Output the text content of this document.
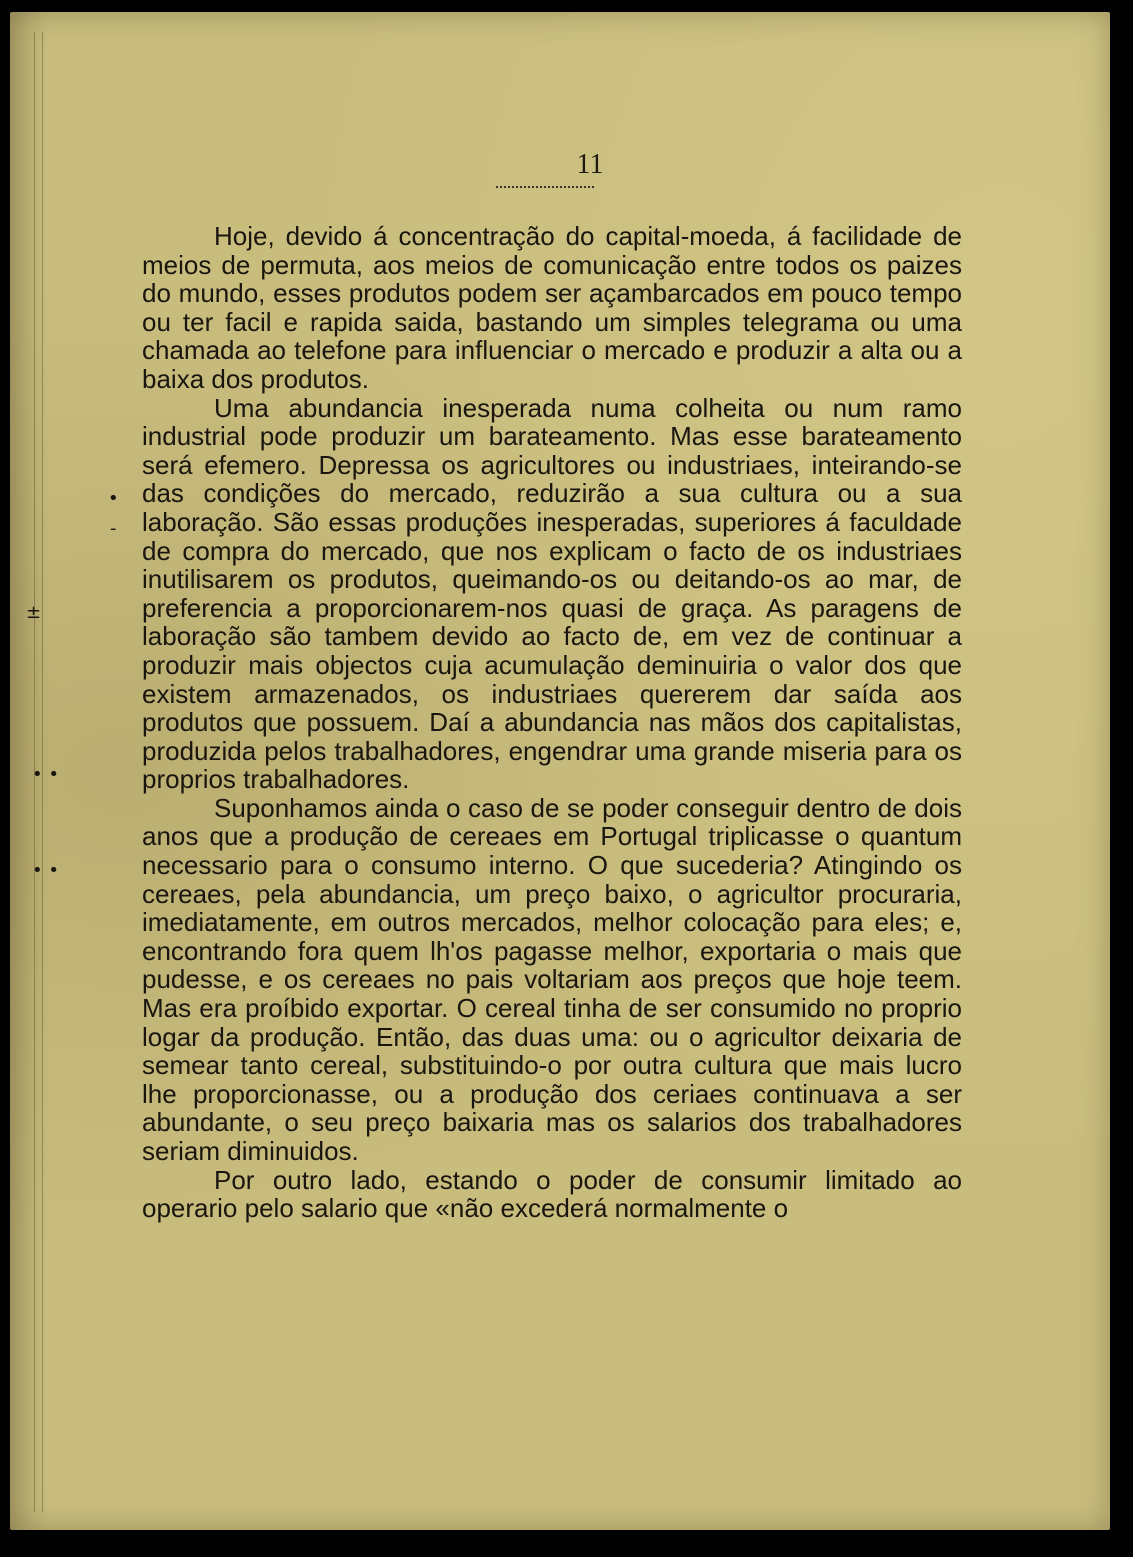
11
•
-
±
• •
• •

Hoje, devido á concentração do capital-moeda, á facilidade de meios de permuta, aos meios de comunicação entre todos os paizes do mundo, esses produtos podem ser açambarcados em pouco tempo ou ter facil e rapida saida, bastando um simples telegrama ou uma chamada ao telefone para influenciar o mercado e produzir a alta ou a baixa dos produtos.

Uma abundancia inesperada numa colheita ou num ramo industrial pode produzir um barateamento. Mas esse barateamento será efemero. Depressa os agricultores ou industriaes, inteirando-se das condições do mercado, reduzirão a sua cultura ou a sua laboração. São essas produções inesperadas, superiores á faculdade de compra do mercado, que nos explicam o facto de os industriaes inutilisarem os produtos, queimando-os ou deitando-os ao mar, de preferencia a proporcionarem-nos quasi de graça. As paragens de laboração são tambem devido ao facto de, em vez de continuar a produzir mais objectos cuja acumulação deminuiria o valor dos que existem armazenados, os industriaes quererem dar saída aos produtos que possuem. Daí a abundancia nas mãos dos capitalistas, produzida pelos trabalhadores, engendrar uma grande miseria para os proprios trabalhadores.

Suponhamos ainda o caso de se poder conseguir dentro de dois anos que a produção de cereaes em Portugal triplicasse o quantum necessario para o consumo interno. O que sucederia? Atingindo os cereaes, pela abundancia, um preço baixo, o agricultor procuraria, imediatamente, em outros mercados, melhor colocação para eles; e, encontrando fora quem lh'os pagasse melhor, exportaria o mais que pudesse, e os cereaes no pais voltariam aos preços que hoje teem. Mas era proíbido exportar. O cereal tinha de ser consumido no proprio logar da produção. Então, das duas uma: ou o agricultor deixaria de semear tanto cereal, substituindo-o por outra cultura que mais lucro lhe proporcionasse, ou a produção dos ceriaes continuava a ser abundante, o seu preço baixaria mas os salarios dos trabalhadores seriam diminuidos.

Por outro lado, estando o poder de consumir limitado ao operario pelo salario que «não excederá normalmente o
